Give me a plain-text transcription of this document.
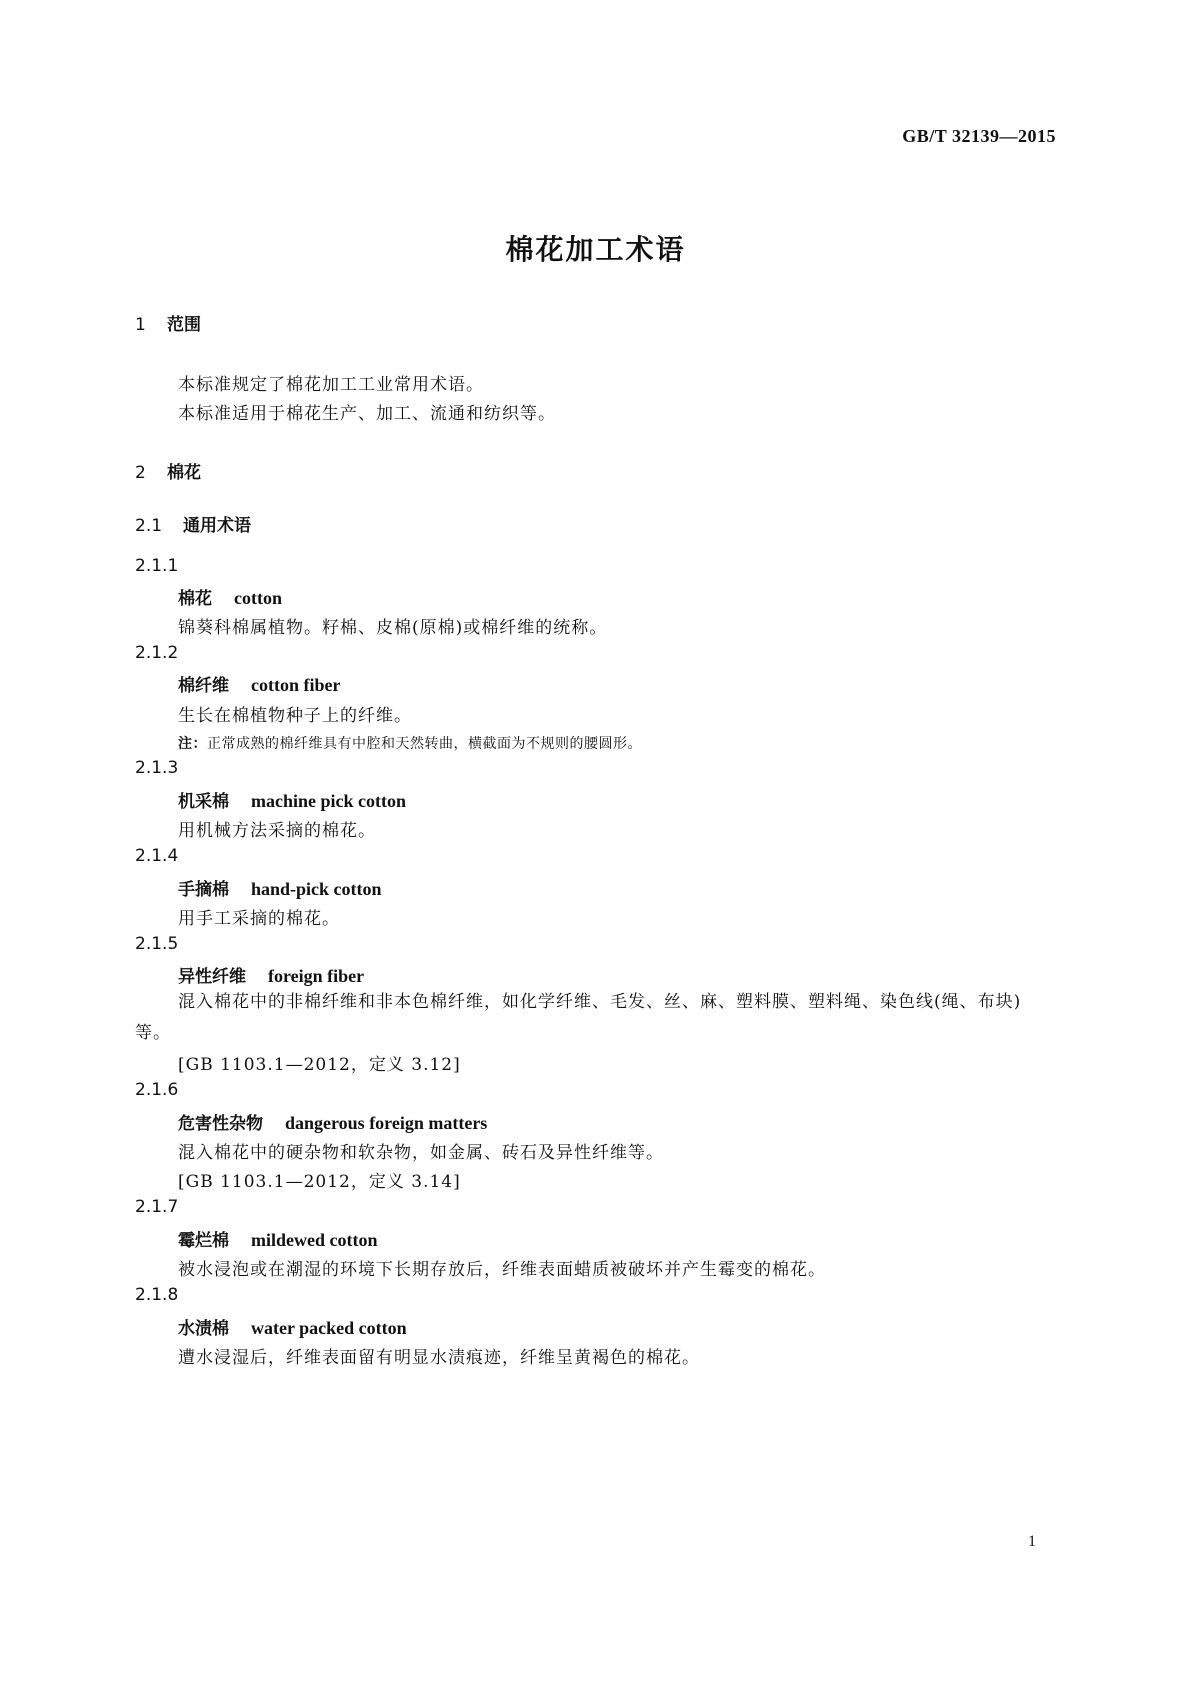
GB/T 32139—2015
棉花加工术语
1 范围
本标准规定了棉花加工工业常用术语。
本标准适用于棉花生产、加工、流通和纺织等。
2 棉花
2.1 通用术语
2.1.1
棉花 cotton
锦葵科棉属植物。籽棉、皮棉(原棉)或棉纤维的统称。
2.1.2
棉纤维 cotton fiber
生长在棉植物种子上的纤维。
注：正常成熟的棉纤维具有中腔和天然转曲，横截面为不规则的腰圆形。
2.1.3
机采棉 machine pick cotton
用机械方法采摘的棉花。
2.1.4
手摘棉 hand-pick cotton
用手工采摘的棉花。
2.1.5
异性纤维 foreign fiber
混入棉花中的非棉纤维和非本色棉纤维，如化学纤维、毛发、丝、麻、塑料膜、塑料绳、染色线(绳、布块)等。
[GB 1103.1—2012，定义 3.12]
2.1.6
危害性杂物 dangerous foreign matters
混入棉花中的硬杂物和软杂物，如金属、砖石及异性纤维等。
[GB 1103.1—2012，定义 3.14]
2.1.7
霉烂棉 mildewed cotton
被水浸泡或在潮湿的环境下长期存放后，纤维表面蜡质被破坏并产生霉变的棉花。
2.1.8
水渍棉 water packed cotton
遭水浸湿后，纤维表面留有明显水渍痕迹，纤维呈黄褐色的棉花。
1
